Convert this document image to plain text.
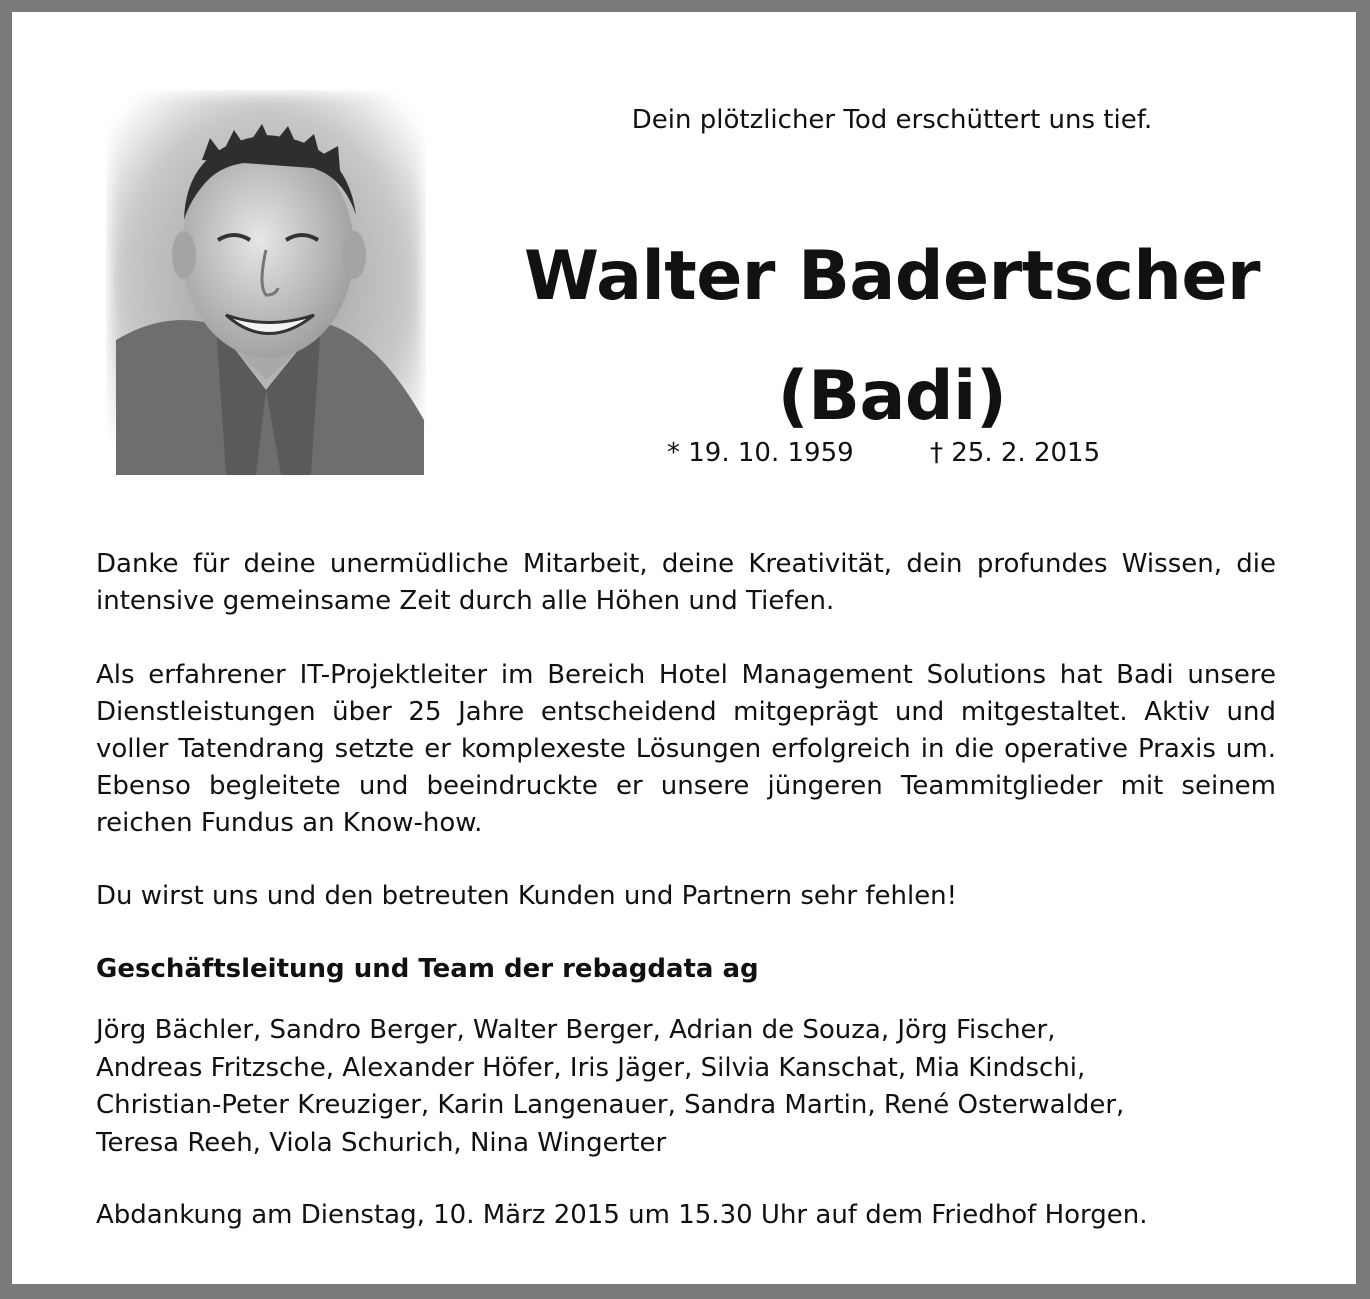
Dein plötzlicher Tod erschüttert uns tief.
Walter Badertscher
(Badi)
* 19. 10. 1959	† 25. 2. 2015
Danke für deine unermüdliche Mitarbeit, deine Kreativität, dein profundes Wissen, die intensive gemeinsame Zeit durch alle Höhen und Tiefen.
Als erfahrener IT-Projektleiter im Bereich Hotel Management Solutions hat Badi unsere Dienstleistungen über 25 Jahre entscheidend mitgeprägt und mitgestaltet. Aktiv und voller Tatendrang setzte er komplexeste Lösungen erfolgreich in die operative Praxis um. Ebenso begleitete und beeindruckte er unsere jüngeren Teammitglieder mit seinem reichen Fundus an Know-how.
Du wirst uns und den betreuten Kunden und Partnern sehr fehlen!
Geschäftsleitung und Team der rebagdata ag
Jörg Bächler, Sandro Berger, Walter Berger, Adrian de Souza, Jörg Fischer,
Andreas Fritzsche, Alexander Höfer, Iris Jäger, Silvia Kanschat, Mia Kindschi,
Christian-Peter Kreuziger, Karin Langenauer, Sandra Martin, René Osterwalder,
Teresa Reeh, Viola Schurich, Nina Wingerter
Abdankung am Dienstag, 10. März 2015 um 15.30 Uhr auf dem Friedhof Horgen.
